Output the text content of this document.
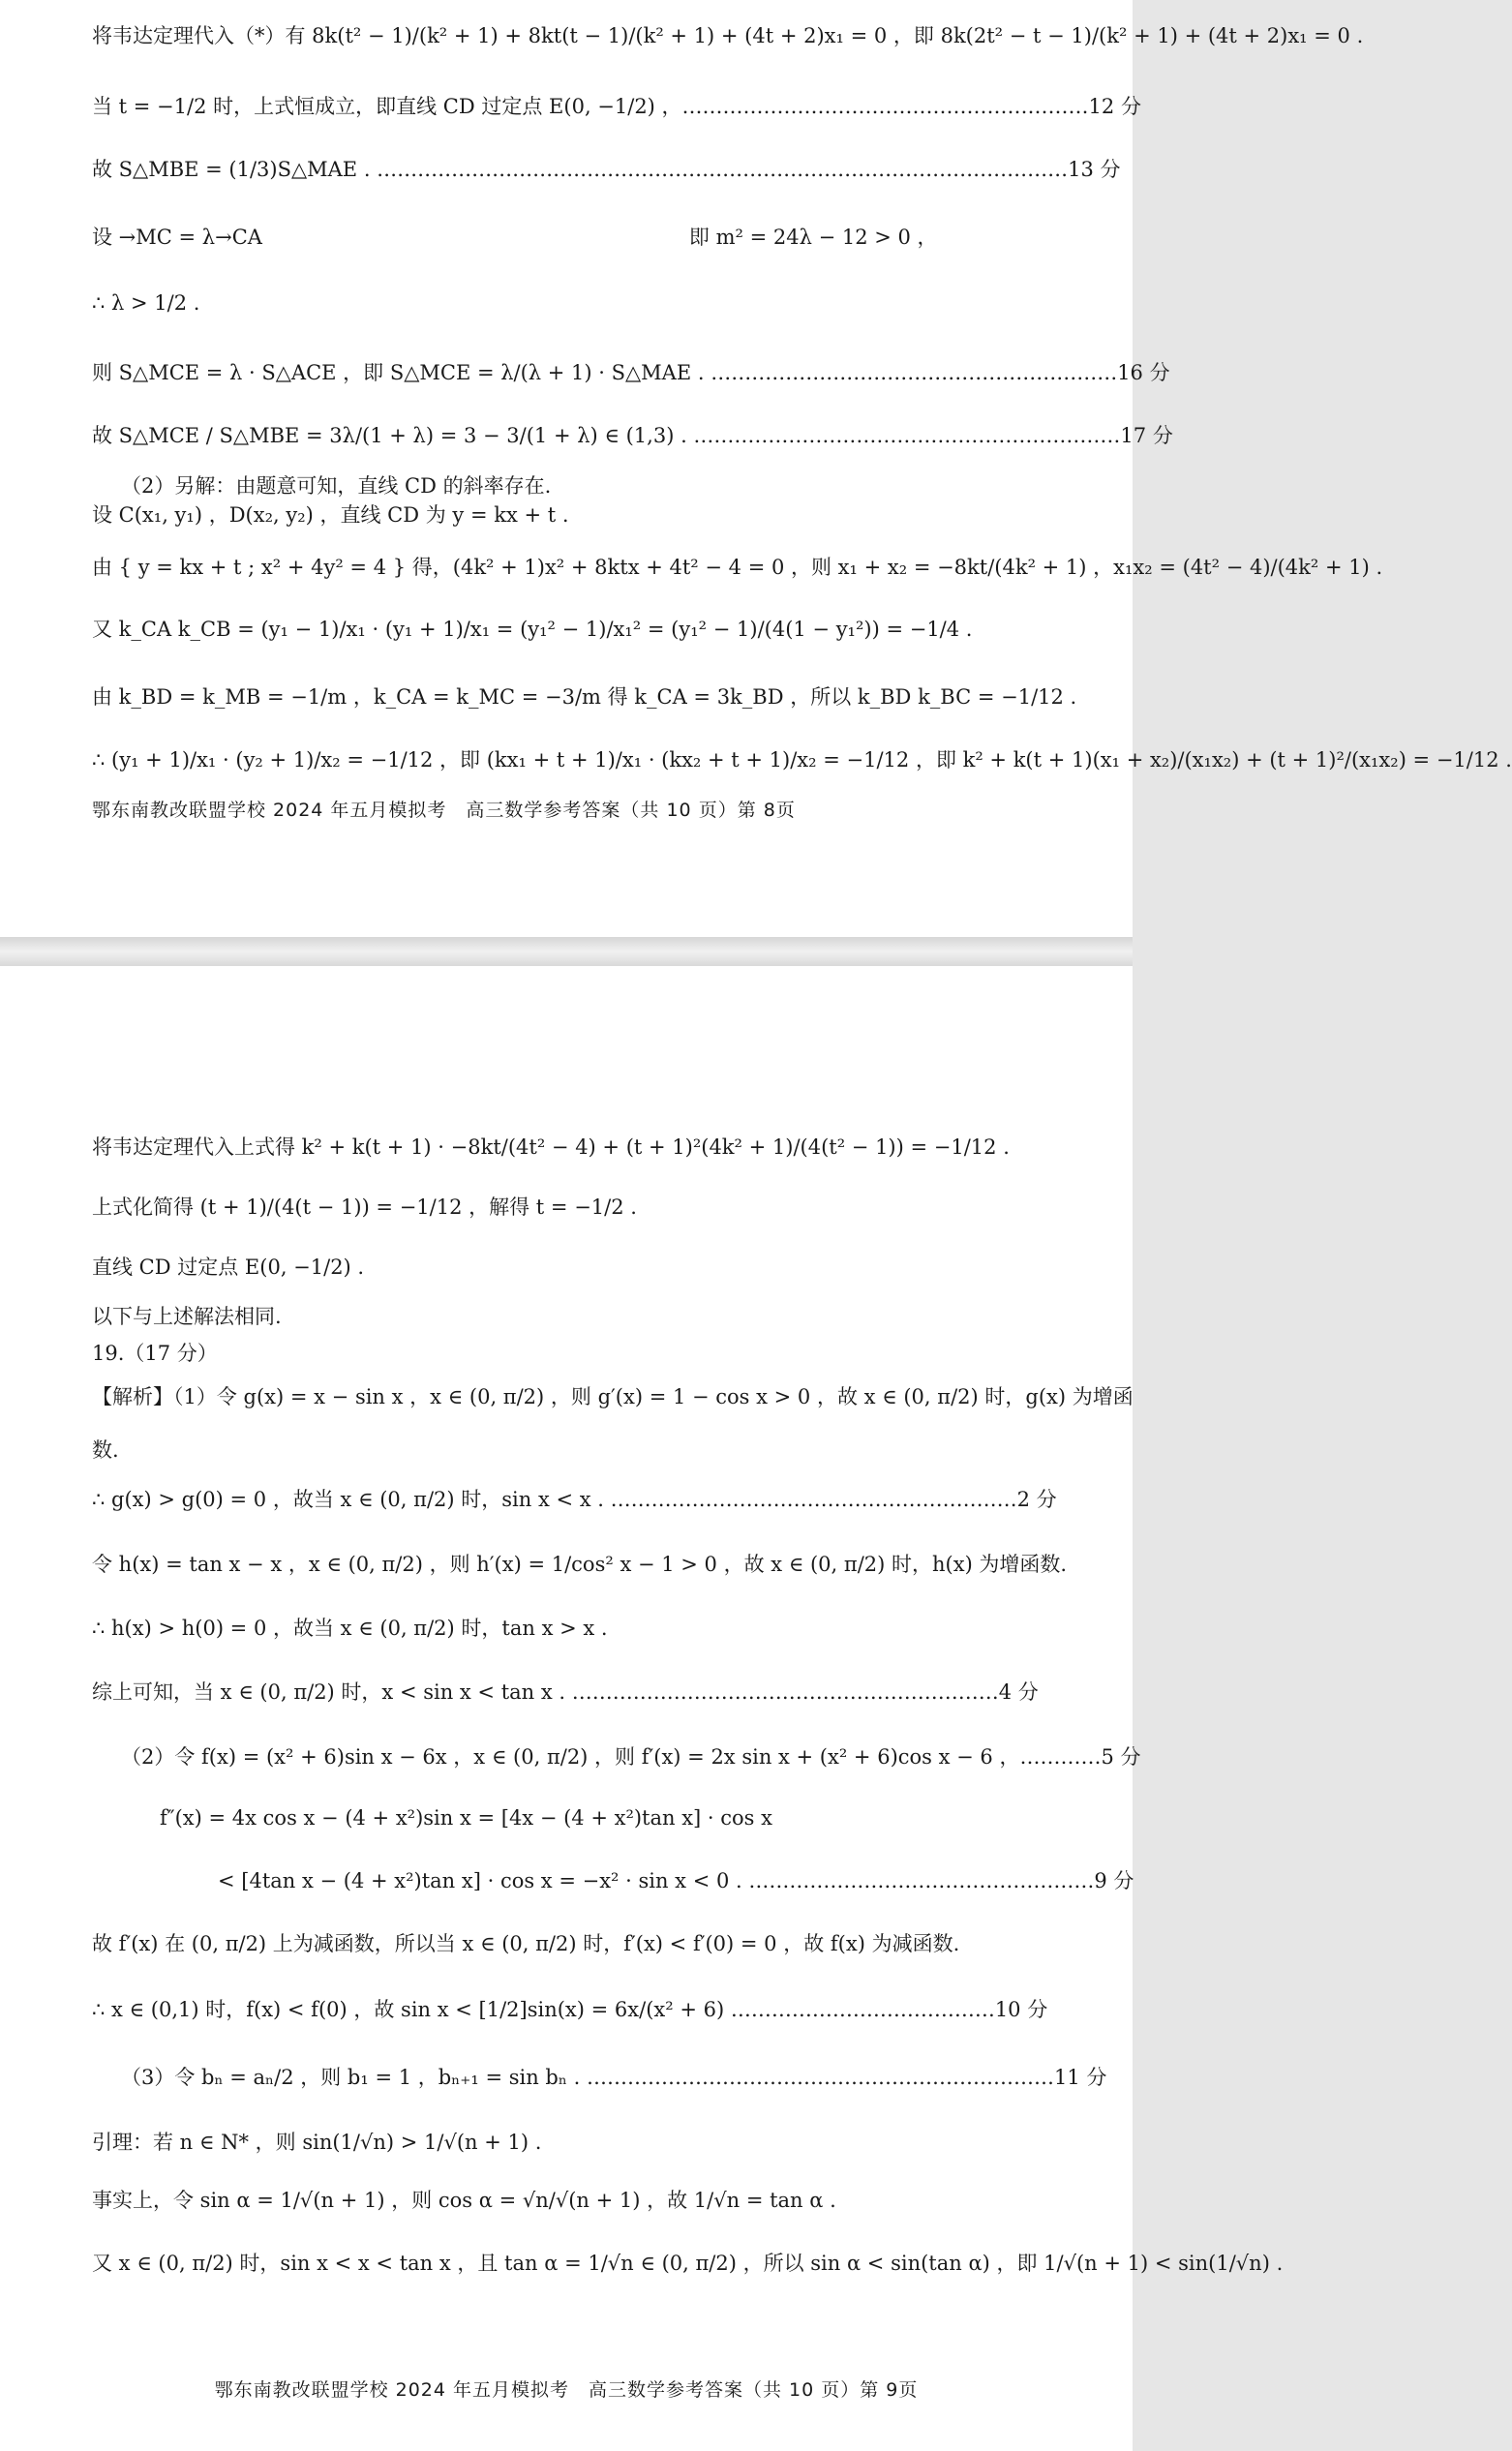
将韦达定理代入（*）有 8k(t² − 1)/(k² + 1) + 8kt(t − 1)/(k² + 1) + (4t + 2)x₁ = 0 ，即 8k(2t² − t − 1)/(k² + 1) + (4t + 2)x₁ = 0 .
当 t = −1/2 时，上式恒成立，即直线 CD 过定点 E(0, −1/2) ，……………………………………………………12 分
故 S△MBE = (1/3)S△MAE . …………………………………………………………………………………………13 分
设 →MC = λ→CA　　　　　　　　　　　　　　　　　　　　　即 m² = 24λ − 12 > 0 ，
∴ λ > 1/2 .
则 S△MCE = λ · S△ACE ，即 S△MCE = λ/(λ + 1) · S△MAE . ……………………………………………………16 分
故 S△MCE / S△MBE = 3λ/(1 + λ) = 3 − 3/(1 + λ) ∈ (1,3) . ………………………………………………………17 分
（2）另解：由题意可知，直线 CD 的斜率存在.
设 C(x₁, y₁) ，D(x₂, y₂) ，直线 CD 为 y = kx + t .
由 { y = kx + t ; x² + 4y² = 4 } 得，(4k² + 1)x² + 8ktx + 4t² − 4 = 0 ，则 x₁ + x₂ = −8kt/(4k² + 1) ，x₁x₂ = (4t² − 4)/(4k² + 1) .
又 k_CA k_CB = (y₁ − 1)/x₁ · (y₁ + 1)/x₁ = (y₁² − 1)/x₁² = (y₁² − 1)/(4(1 − y₁²)) = −1/4 .
由 k_BD = k_MB = −1/m ，k_CA = k_MC = −3/m 得 k_CA = 3k_BD ，所以 k_BD k_BC = −1/12 .
∴ (y₁ + 1)/x₁ · (y₂ + 1)/x₂ = −1/12 ，即 (kx₁ + t + 1)/x₁ · (kx₂ + t + 1)/x₂ = −1/12 ，即 k² + k(t + 1)(x₁ + x₂)/(x₁x₂) + (t + 1)²/(x₁x₂) = −1/12 .
鄂东南教改联盟学校 2024 年五月模拟考　高三数学参考答案（共 10 页）第 8页
将韦达定理代入上式得 k² + k(t + 1) · −8kt/(4t² − 4) + (t + 1)²(4k² + 1)/(4(t² − 1)) = −1/12 .
上式化简得 (t + 1)/(4(t − 1)) = −1/12 ，解得 t = −1/2 .
直线 CD 过定点 E(0, −1/2) .
以下与上述解法相同.
19.（17 分）
【解析】（1）令 g(x) = x − sin x ，x ∈ (0, π/2) ，则 g′(x) = 1 − cos x > 0 ，故 x ∈ (0, π/2) 时，g(x) 为增函
数.
∴ g(x) > g(0) = 0 ，故当 x ∈ (0, π/2) 时，sin x < x . ……………………………………………………2 分
令 h(x) = tan x − x ，x ∈ (0, π/2) ，则 h′(x) = 1/cos² x − 1 > 0 ，故 x ∈ (0, π/2) 时，h(x) 为增函数.
∴ h(x) > h(0) = 0 ，故当 x ∈ (0, π/2) 时，tan x > x .
综上可知，当 x ∈ (0, π/2) 时，x < sin x < tan x . ………………………………………………………4 分
（2）令 f(x) = (x² + 6)sin x − 6x ，x ∈ (0, π/2) ，则 f′(x) = 2x sin x + (x² + 6)cos x − 6 ，…………5 分
f″(x) = 4x cos x − (4 + x²)sin x = [4x − (4 + x²)tan x] · cos x
< [4tan x − (4 + x²)tan x] · cos x = −x² · sin x < 0 . ……………………………………………9 分
故 f′(x) 在 (0, π/2) 上为减函数，所以当 x ∈ (0, π/2) 时，f′(x) < f′(0) = 0 ，故 f(x) 为减函数.
∴ x ∈ (0,1) 时，f(x) < f(0) ，故 sin x < [1/2]sin(x) = 6x/(x² + 6) …………………………………10 分
（3）令 bₙ = aₙ/2 ，则 b₁ = 1 ，bₙ₊₁ = sin bₙ . ……………………………………………………………11 分
引理：若 n ∈ N* ，则 sin(1/√n) > 1/√(n + 1) .
事实上，令 sin α = 1/√(n + 1) ，则 cos α = √n/√(n + 1) ，故 1/√n = tan α .
又 x ∈ (0, π/2) 时，sin x < x < tan x ，且 tan α = 1/√n ∈ (0, π/2) ，所以 sin α < sin(tan α) ，即 1/√(n + 1) < sin(1/√n) .
鄂东南教改联盟学校 2024 年五月模拟考　高三数学参考答案（共 10 页）第 9页
